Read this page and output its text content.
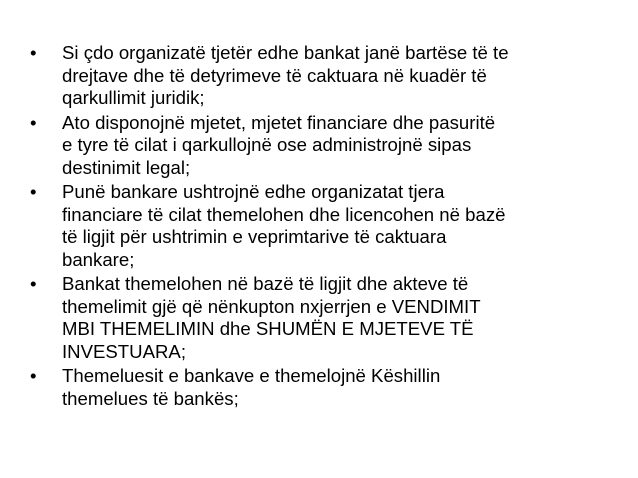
• Si çdo organizatë tjetër edhe bankat janë bartëse të te
drejtave dhe të detyrimeve të caktuara në kuadër të
qarkullimit juridik;
• Ato disponojnë mjetet, mjetet financiare dhe pasuritë
e tyre të cilat i qarkullojnë ose administrojnë sipas
destinimit legal;
• Punë bankare ushtrojnë edhe organizatat tjera
financiare të cilat themelohen dhe licencohen në bazë
të ligjit për ushtrimin e veprimtarive të caktuara
bankare;
• Bankat themelohen në bazë të ligjit dhe akteve të
themelimit gjë që nënkupton nxjerrjen e VENDIMIT
MBI THEMELIMIN dhe SHUMËN E MJETEVE TË
INVESTUARA;
• Themeluesit e bankave e themelojnë Këshillin
themelues të bankës;
